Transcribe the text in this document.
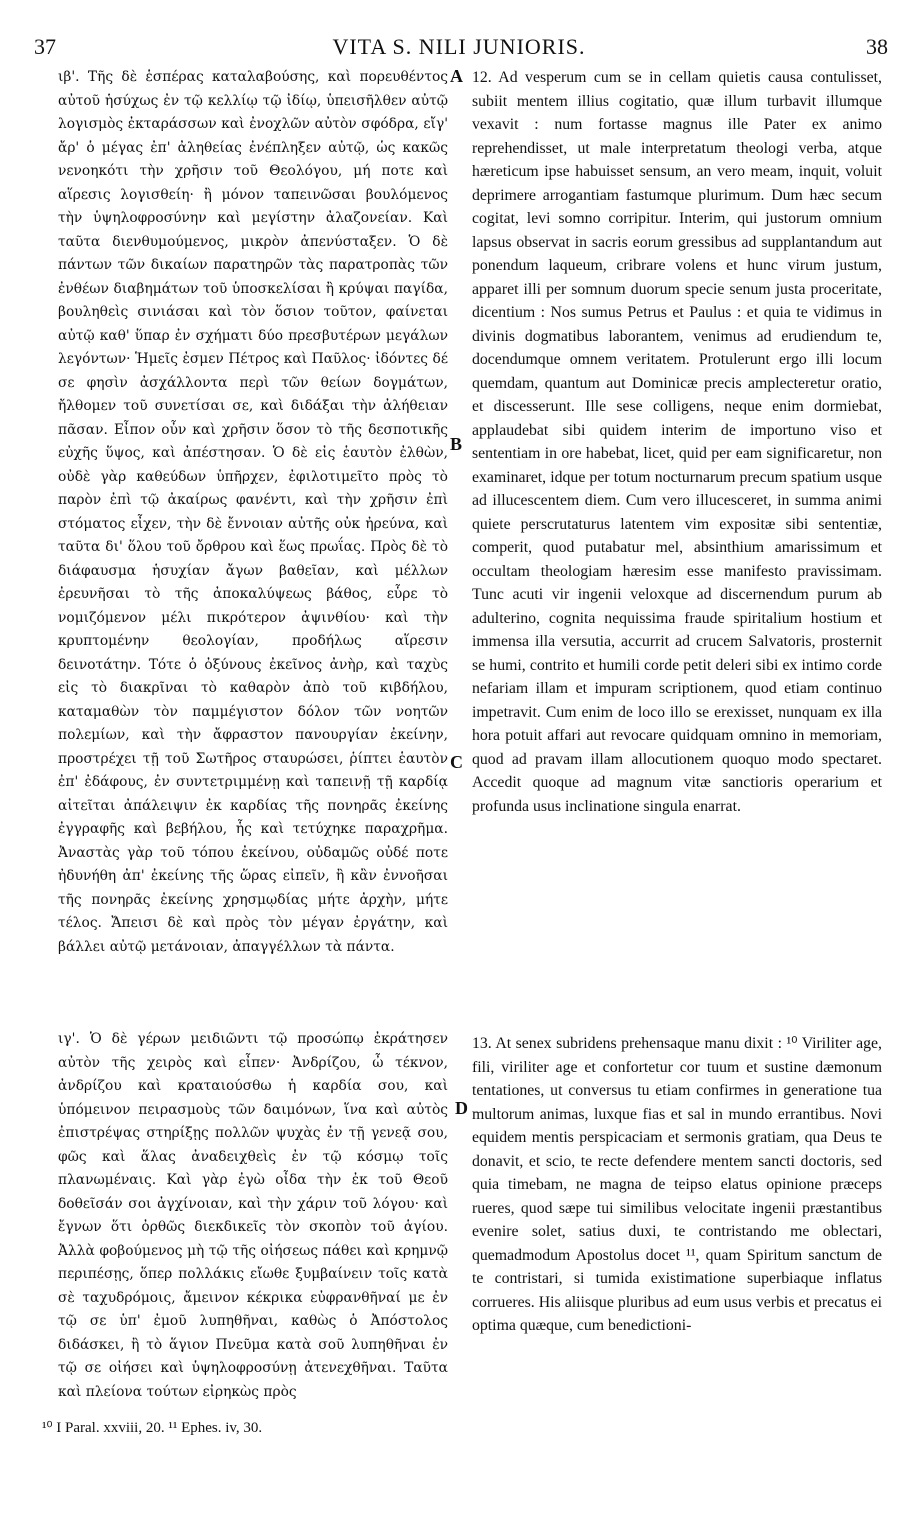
37	VITA S. NILI JUNIORIS.	38

ιβ'. Τῆς δὲ ἑσπέρας καταλαβούσης, καὶ πορευθέντος αὐτοῦ ἡσύχως ἐν τῷ κελλίῳ τῷ ἰδίῳ, ὑπεισῆλθεν αὐτῷ λογισμὸς ἐκταράσσων καὶ ἐνοχλῶν αὐτὸν σφόδρα, εἴγ' ἄρ' ὁ μέγας ἐπ' ἀληθείας ἐνέπληξεν αὐτῷ, ὡς κακῶς νενοηκότι τὴν χρῆσιν τοῦ Θεολόγου, μή ποτε καὶ αἵρεσις λογισθείη· ἢ μόνον ταπεινῶσαι βουλόμενος τὴν ὑψηλοφροσύνην καὶ μεγίστην ἀλαζονείαν. Καὶ ταῦτα διενθυμούμενος, μικρὸν ἀπενύσταξεν. Ὁ δὲ πάντων τῶν δικαίων παρατηρῶν τὰς παρατροπὰς τῶν ἐνθέων διαβημάτων τοῦ ὑποσκελίσαι ἢ κρύψαι παγίδα, βουληθεὶς σινιάσαι καὶ τὸν ὅσιον τοῦτον, φαίνεται αὐτῷ καθ' ὕπαρ ἐν σχήματι δύο πρεσβυτέρων μεγάλων λεγόντων· Ἡμεῖς ἐσμεν Πέτρος καὶ Παῦλος· ἰδόντες δέ σε φησὶν ἀσχάλλοντα περὶ τῶν θείων δογμάτων, ἤλθομεν τοῦ συνετίσαι σε, καὶ διδάξαι τὴν ἀλήθειαν πᾶσαν. Εἶπον οὖν καὶ χρῆσιν ὅσον τὸ τῆς δεσποτικῆς εὐχῆς ὕψος, καὶ ἀπέστησαν. Ὁ δὲ εἰς ἑαυτὸν ἐλθὼν, οὐδὲ γὰρ καθεύδων ὑπῆρχεν, ἐφιλοτιμεῖτο πρὸς τὸ παρὸν ἐπὶ τῷ ἀκαίρως φανέντι, καὶ τὴν χρῆσιν ἐπὶ στόματος εἶχεν, τὴν δὲ ἔννοιαν αὐτῆς οὐκ ἠρεύνα, καὶ ταῦτα δι' ὅλου τοῦ ὄρθρου καὶ ἕως πρωΐας. Πρὸς δὲ τὸ διάφαυσμα ἡσυχίαν ἄγων βαθεῖαν, καὶ μέλλων ἐρευνῆσαι τὸ τῆς ἀποκαλύψεως βάθος, εὗρε τὸ νομιζόμενον μέλι πικρότερον ἀψινθίου· καὶ τὴν κρυπτομένην θεολογίαν, προδήλως αἵρεσιν δεινοτάτην. Τότε ὁ ὀξύνους ἐκεῖνος ἀνὴρ, καὶ ταχὺς εἰς τὸ διακρῖναι τὸ καθαρὸν ἀπὸ τοῦ κιβδήλου, καταμαθὼν τὸν παμμέγιστον δόλον τῶν νοητῶν πολεμίων, καὶ τὴν ἄφραστον πανουργίαν ἐκείνην, προστρέχει τῇ τοῦ Σωτῆρος σταυρώσει, ῥίπτει ἑαυτὸν ἐπ' ἐδάφους, ἐν συντετριμμένῃ καὶ ταπεινῇ τῇ καρδίᾳ αἰτεῖται ἀπάλειψιν ἐκ καρδίας τῆς πονηρᾶς ἐκείνης ἐγγραφῆς καὶ βεβήλου, ἧς καὶ τετύχηκε παραχρῆμα. Ἀναστὰς γὰρ τοῦ τόπου ἐκείνου, οὐδαμῶς οὐδέ ποτε ἠδυνήθη ἀπ' ἐκείνης τῆς ὥρας εἰπεῖν, ἢ κἂν ἐννοῆσαι τῆς πονηρᾶς ἐκείνης χρησμῳδίας μήτε ἀρχὴν, μήτε τέλος. Ἄπεισι δὲ καὶ πρὸς τὸν μέγαν ἐργάτην, καὶ βάλλει αὐτῷ μετάνοιαν, ἀπαγγέλλων τὰ πάντα.

ιγ'. Ὁ δὲ γέρων μειδιῶντι τῷ προσώπῳ ἐκράτησεν αὐτὸν τῆς χειρὸς καὶ εἶπεν· Ἀνδρίζου, ὦ τέκνον, ἀνδρίζου καὶ κραταιούσθω ἡ καρδία σου, καὶ ὑπόμεινον πειρασμοὺς τῶν δαιμόνων, ἵνα καὶ αὐτὸς ἐπιστρέψας στηρίξῃς πολλῶν ψυχὰς ἐν τῇ γενεᾷ σου, φῶς καὶ ἅλας ἀναδειχθεὶς ἐν τῷ κόσμῳ τοῖς πλανωμέναις. Καὶ γὰρ ἐγὼ οἶδα τὴν ἐκ τοῦ Θεοῦ δοθεῖσάν σοι ἀγχίνοιαν, καὶ τὴν χάριν τοῦ λόγου· καὶ ἔγνων ὅτι ὀρθῶς διεκδικεῖς τὸν σκοπὸν τοῦ ἁγίου. Ἀλλὰ φοβούμενος μὴ τῷ τῆς οἰήσεως πάθει καὶ κρημνῷ περιπέσῃς, ὅπερ πολλάκις εἴωθε ξυμβαίνειν τοῖς κατὰ σὲ ταχυδρόμοις, ἄμεινον κέκρικα εὐφρανθῆναί με ἐν τῷ σε ὑπ' ἐμοῦ λυπηθῆναι, καθὼς ὁ Ἀπόστολος διδάσκει, ἢ τὸ ἅγιον Πνεῦμα κατὰ σοῦ λυπηθῆναι ἐν τῷ σε οἰήσει καὶ ὑψηλοφροσύνῃ ἀτενεχθῆναι. Ταῦτα καὶ πλείονα τούτων εἰρηκὼς πρὸς

12. Ad vesperum cum se in cellam quietis causa contulisset, subiit mentem illius cogitatio, quæ illum turbavit illumque vexavit : num fortasse magnus ille Pater ex animo reprehendisset, ut male interpretatum theologi verba, atque hæreticum ipse habuisset sensum, an vero meam, inquit, voluit deprimere arrogantiam fastumque plurimum. Dum hæc secum cogitat, levi somno corripitur. Interim, qui justorum omnium lapsus observat in sacris eorum gressibus ad supplantandum aut ponendum laqueum, cribrare volens et hunc virum justum, apparet illi per somnum duorum specie senum justa proceritate, dicentium : Nos sumus Petrus et Paulus : et quia te vidimus in divinis dogmatibus laborantem, venimus ad erudiendum te, docendumque omnem veritatem. Protulerunt ergo illi locum quemdam, quantum aut Dominicæ precis amplecteretur oratio, et discesserunt. Ille sese colligens, neque enim dormiebat, applaudebat sibi quidem interim de importuno viso et sententiam in ore habebat, licet, quid per eam significaretur, non examinaret, idque per totum nocturnarum precum spatium usque ad illucescentem diem. Cum vero illucesceret, in summa animi quiete perscrutaturus latentem vim expositæ sibi sententiæ, comperit, quod putabatur mel, absinthium amarissimum et occultam theologiam hæresim esse manifesto pravissimam. Tunc acuti vir ingenii veloxque ad discernendum purum ab adulterino, cognita nequissima fraude spiritalium hostium et immensa illa versutia, accurrit ad crucem Salvatoris, prosternit se humi, contrito et humili corde petit deleri sibi ex intimo corde nefariam illam et impuram scriptionem, quod etiam continuo impetravit. Cum enim de loco illo se erexisset, nunquam ex illa hora potuit affari aut revocare quidquam omnino in memoriam, quod ad pravam illam allocutionem quoquo modo spectaret. Accedit quoque ad magnum vitæ sanctioris operarium et profunda usus inclinatione singula enarrat.

13. At senex subridens prehensaque manu dixit : ¹⁰ Viriliter age, fili, viriliter age et confortetur cor tuum et sustine dæmonum tentationes, ut conversus tu etiam confirmes in generatione tua multorum animas, luxque fias et sal in mundo errantibus. Novi equidem mentis perspicaciam et sermonis gratiam, qua Deus te donavit, et scio, te recte defendere mentem sancti doctoris, sed quia timebam, ne magna de teipso elatus opinione præceps rueres, quod sæpe tui similibus velocitate ingenii præstantibus evenire solet, satius duxi, te contristando me oblectari, quemadmodum Apostolus docet ¹¹, quam Spiritum sanctum de te contristari, si tumida existimatione superbiaque inflatus corrueres. His aliisque pluribus ad eum usus verbis et precatus ei optima quæque, cum benedictioni-

A
B
C
D
¹⁰ I Paral. xxviii, 20. ¹¹ Ephes. iv, 30.
